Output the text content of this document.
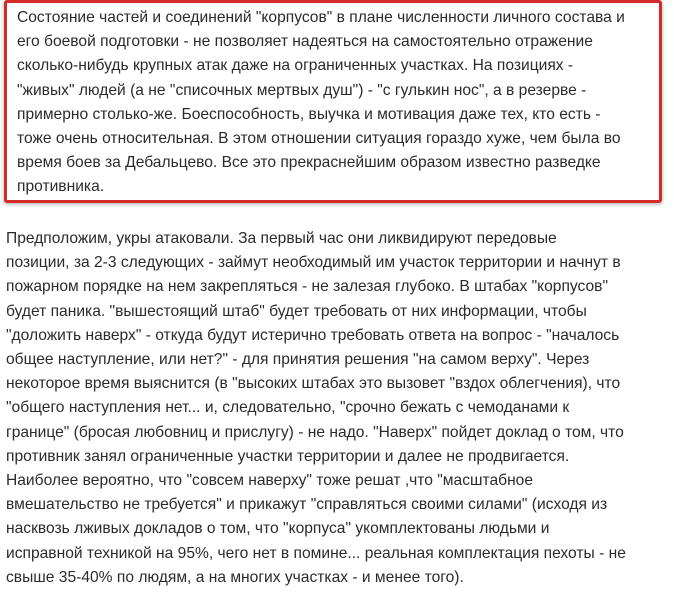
Состояние частей и соединений "корпусов" в плане численности личного состава и
его боевой подготовки - не позволяет надеяться на самостоятельно отражение
сколько-нибудь крупных атак даже на ограниченных участках. На позициях -
"живых" людей (а не "списочных мертвых душ") - "с гулькин нос", а в резерве -
примерно столько-же. Боеспособность, выучка и мотивация даже тех, кто есть -
тоже очень относительная. В этом отношении ситуация гораздо хуже, чем была во
время боев за Дебальцево. Все это прекраснейшим образом известно разведке
противника.

Предположим, укры атаковали. За первый час они ликвидируют передовые
позиции, за 2-3 следующих - займут необходимый им участок территории и начнут в
пожарном порядке на нем закрепляться - не залезая глубоко. В штабах "корпусов"
будет паника. "вышестоящий штаб" будет требовать от них информации, чтобы
"доложить наверх" - откуда будут истерично требовать ответа на вопрос - "началось
общее наступление, или нет?" - для принятия решения "на самом верху". Через
некоторое время выяснится (в "высоких штабах это вызовет "вздох облегчения), что
"общего наступления нет... и, следовательно, "срочно бежать с чемоданами к
границе" (бросая любовниц и прислугу) - не надо. "Наверх" пойдет доклад о том, что
противник занял ограниченные участки территории и далее не продвигается.
Наиболее вероятно, что "совсем наверху" тоже решат ,что "масштабное
вмешательство не требуется" и прикажут "справляться своими силами" (исходя из
насквозь лживых докладов о том, что "корпуса" укомплектованы людьми и
исправной техникой на 95%, чего нет в помине... реальная комплектация пехоты - не
свыше 35-40% по людям, а на многих участках - и менее того).
